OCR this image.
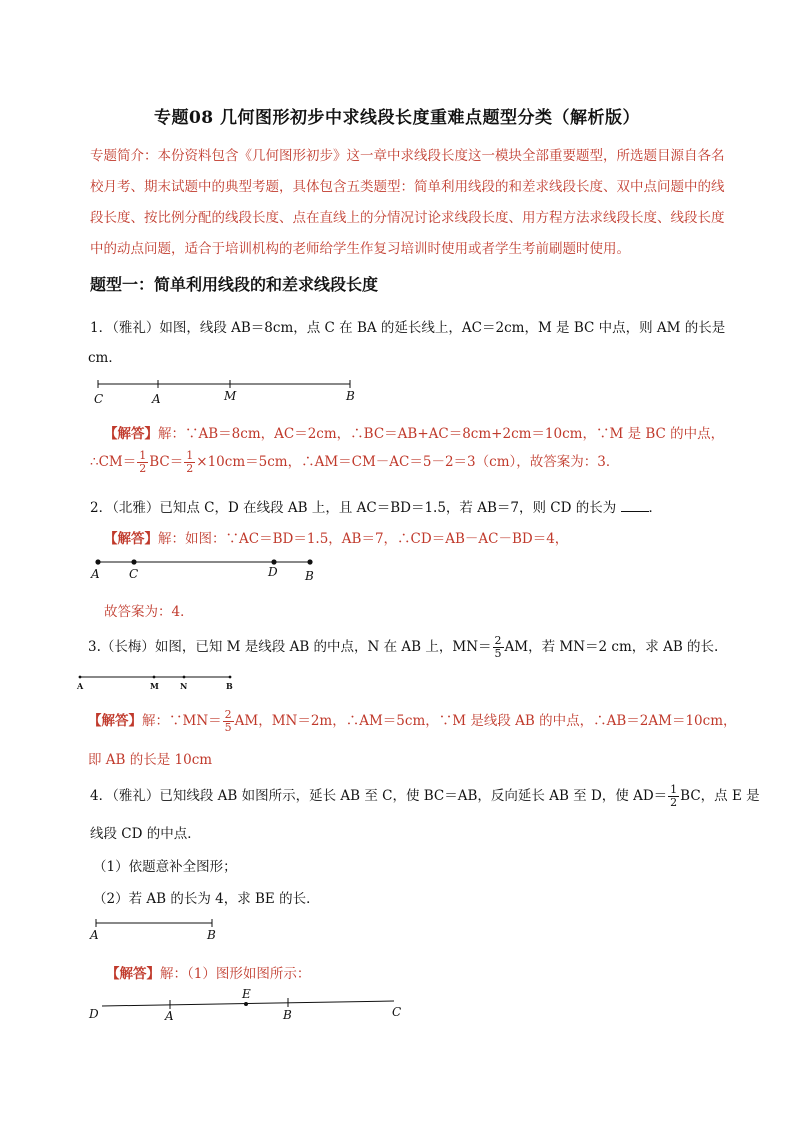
专题08 几何图形初步中求线段长度重难点题型分类（解析版）
专题简介：本份资料包含《几何图形初步》这一章中求线段长度这一模块全部重要题型，所选题目源自各名校月考、期末试题中的典型考题，具体包含五类题型：简单利用线段的和差求线段长度、双中点问题中的线段长度、按比例分配的线段长度、点在直线上的分情况讨论求线段长度、用方程方法求线段长度、线段长度中的动点问题，适合于培训机构的老师给学生作复习培训时使用或者学生考前刷题时使用。
题型一：简单利用线段的和差求线段长度
1．（雅礼）如图，线段 AB＝8cm，点 C 在 BA 的延长线上，AC＝2cm，M 是 BC 中点，则 AM 的长是
cm．
C	A	M	B
【解答】解：∵AB＝8cm，AC＝2cm，∴BC＝AB+AC＝8cm+2cm＝10cm，∵M 是 BC 的中点，
∴CM＝ $\frac{1}{2} BC= \frac{1}{2} \times 10cm=5cm$，∴AM＝CM－AC＝5－2＝3（cm），故答案为：3．
2．（北雅）已知点 C，D 在线段 AB 上，且 AC＝BD＝1.5，若 AB＝7，则 CD 的长为 ．
【解答】解：如图：∵AC＝BD＝1.5，AB＝7，∴CD＝AB－AC－BD＝4，
A C	D B
故答案为：4．
3.（长梅）如图，已知 M 是线段 AB 的中点，N 在 AB 上，$MN= \frac{2}{5}$ AM，若 MN＝2 cm，求 AB 的长.
A	M	N	B
【解答】解：∵MN＝ $\frac{2}{5}$ AM，MN＝2m，∴AM＝5cm，∵M 是线段 AB 的中点，∴AB＝2AM＝10cm，
即 AB 的长是 10cm
4．（雅礼）已知线段 AB 如图所示，延长 AB 至 C，使 BC＝AB，反向延长 AB 至 D，使 $AD= \frac{1}{2}$ BC，点 E 是
线段 CD 的中点．
（1）依题意补全图形；
（2）若 AB 的长为 4，求 BE 的长．
A	B
【解答】解：（1）图形如图所示：
D	A
E
B	C
